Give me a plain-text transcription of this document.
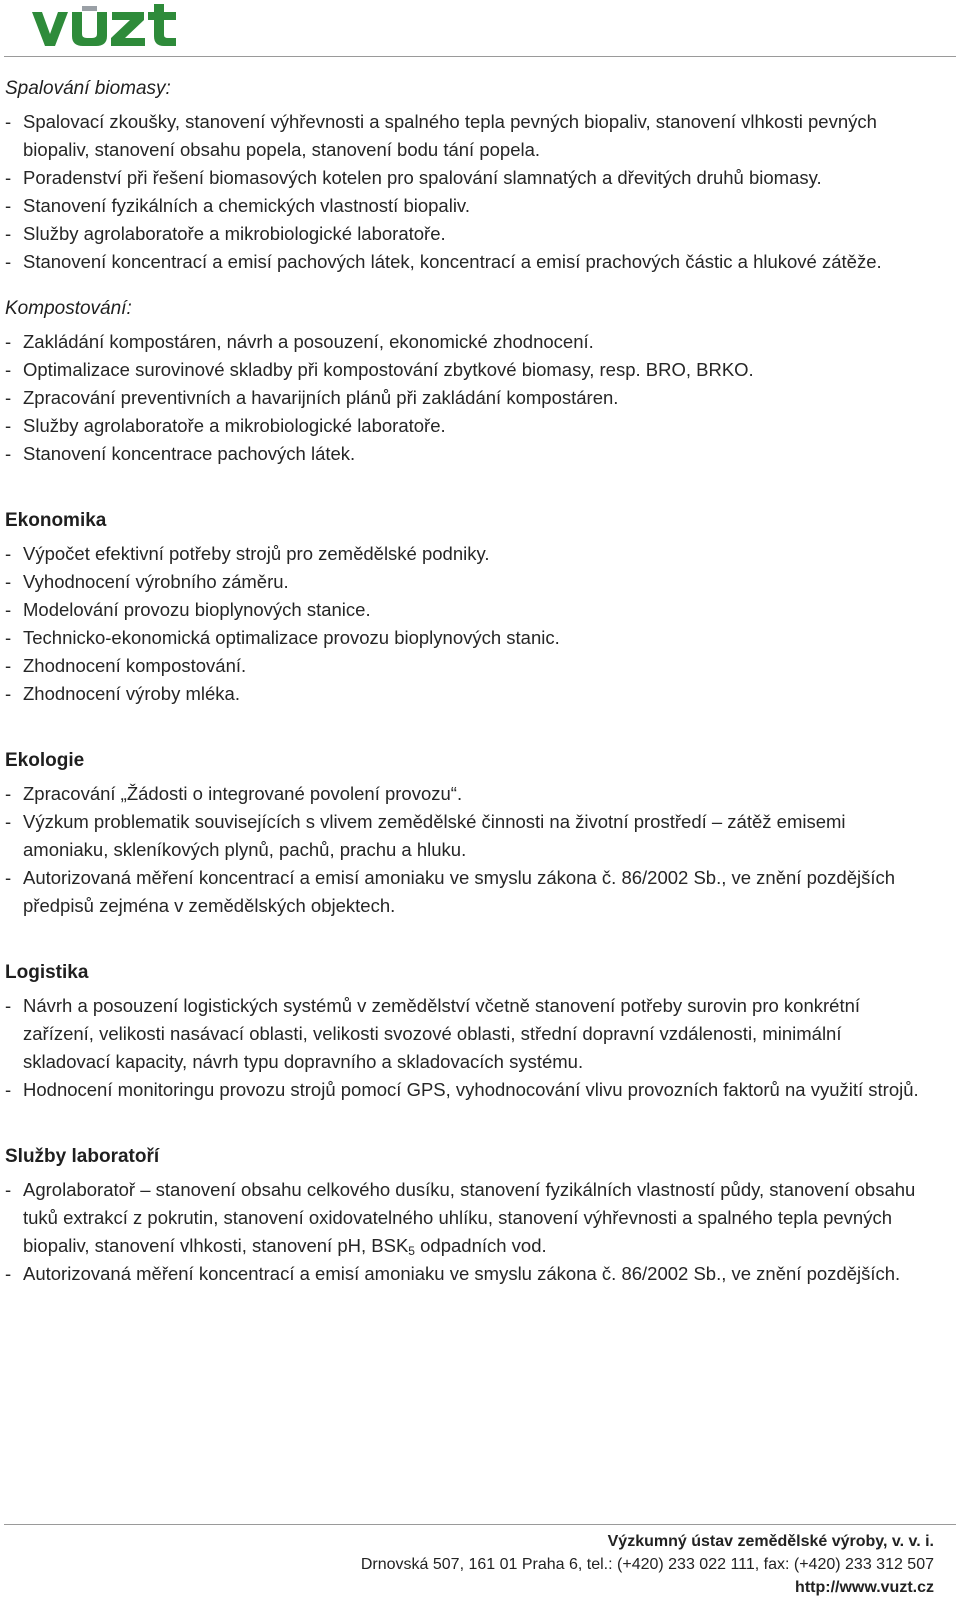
Spalování biomasy:
- Spalovací zkoušky, stanovení výhřevnosti a spalného tepla pevných biopaliv, stanovení vlhkosti pevných biopaliv, stanovení obsahu popela, stanovení bodu tání popela.
- Poradenství při řešení biomasových kotelen pro spalování slamnatých a dřevitých druhů biomasy.
- Stanovení fyzikálních a chemických vlastností biopaliv.
- Služby agrolaboratoře a mikrobiologické laboratoře.
- Stanovení koncentrací a emisí pachových látek, koncentrací a emisí prachových částic a hlukové zátěže.
Kompostování:
- Zakládání kompostáren, návrh a posouzení, ekonomické zhodnocení.
- Optimalizace surovinové skladby při kompostování zbytkové biomasy, resp. BRO, BRKO.
- Zpracování preventivních a havarijních plánů při zakládání kompostáren.
- Služby agrolaboratoře a mikrobiologické laboratoře.
- Stanovení koncentrace pachových látek.
Ekonomika
- Výpočet efektivní potřeby strojů pro zemědělské podniky.
- Vyhodnocení výrobního záměru.
- Modelování provozu bioplynových stanice.
- Technicko-ekonomická optimalizace provozu bioplynových stanic.
- Zhodnocení kompostování.
- Zhodnocení výroby mléka.
Ekologie
- Zpracování „Žádosti o integrované povolení provozu“.
- Výzkum problematik souvisejících s vlivem zemědělské činnosti na životní prostředí – zátěž emisemi amoniaku, skleníkových plynů, pachů, prachu a hluku.
- Autorizovaná měření koncentrací a emisí amoniaku ve smyslu zákona č. 86/2002 Sb., ve znění pozdějších předpisů zejména v zemědělských objektech.
Logistika
- Návrh a posouzení logistických systémů v zemědělství včetně stanovení potřeby surovin pro konkrétní zařízení, velikosti nasávací oblasti, velikosti svozové oblasti, střední dopravní vzdálenosti, minimální skladovací kapacity, návrh typu dopravního a skladovacích systému.
- Hodnocení monitoringu provozu strojů pomocí GPS, vyhodnocování vlivu provozních faktorů na využití strojů.
Služby laboratoří
- Agrolaboratoř – stanovení obsahu celkového dusíku, stanovení fyzikálních vlastností půdy, stanovení obsahu tuků extrakcí z pokrutin, stanovení oxidovatelného uhlíku, stanovení výhřevnosti a spalného tepla pevných biopaliv, stanovení vlhkosti, stanovení pH, $BSK_5$ odpadních vod.
- Autorizovaná měření koncentrací a emisí amoniaku ve smyslu zákona č. 86/2002 Sb., ve znění pozdějších.
Výzkumný ústav zemědělské výroby, v. v. i.
Drnovská 507, 161 01 Praha 6, tel.: (+420) 233 022 111, fax: (+420) 233 312 507
http://www.vuzt.cz
